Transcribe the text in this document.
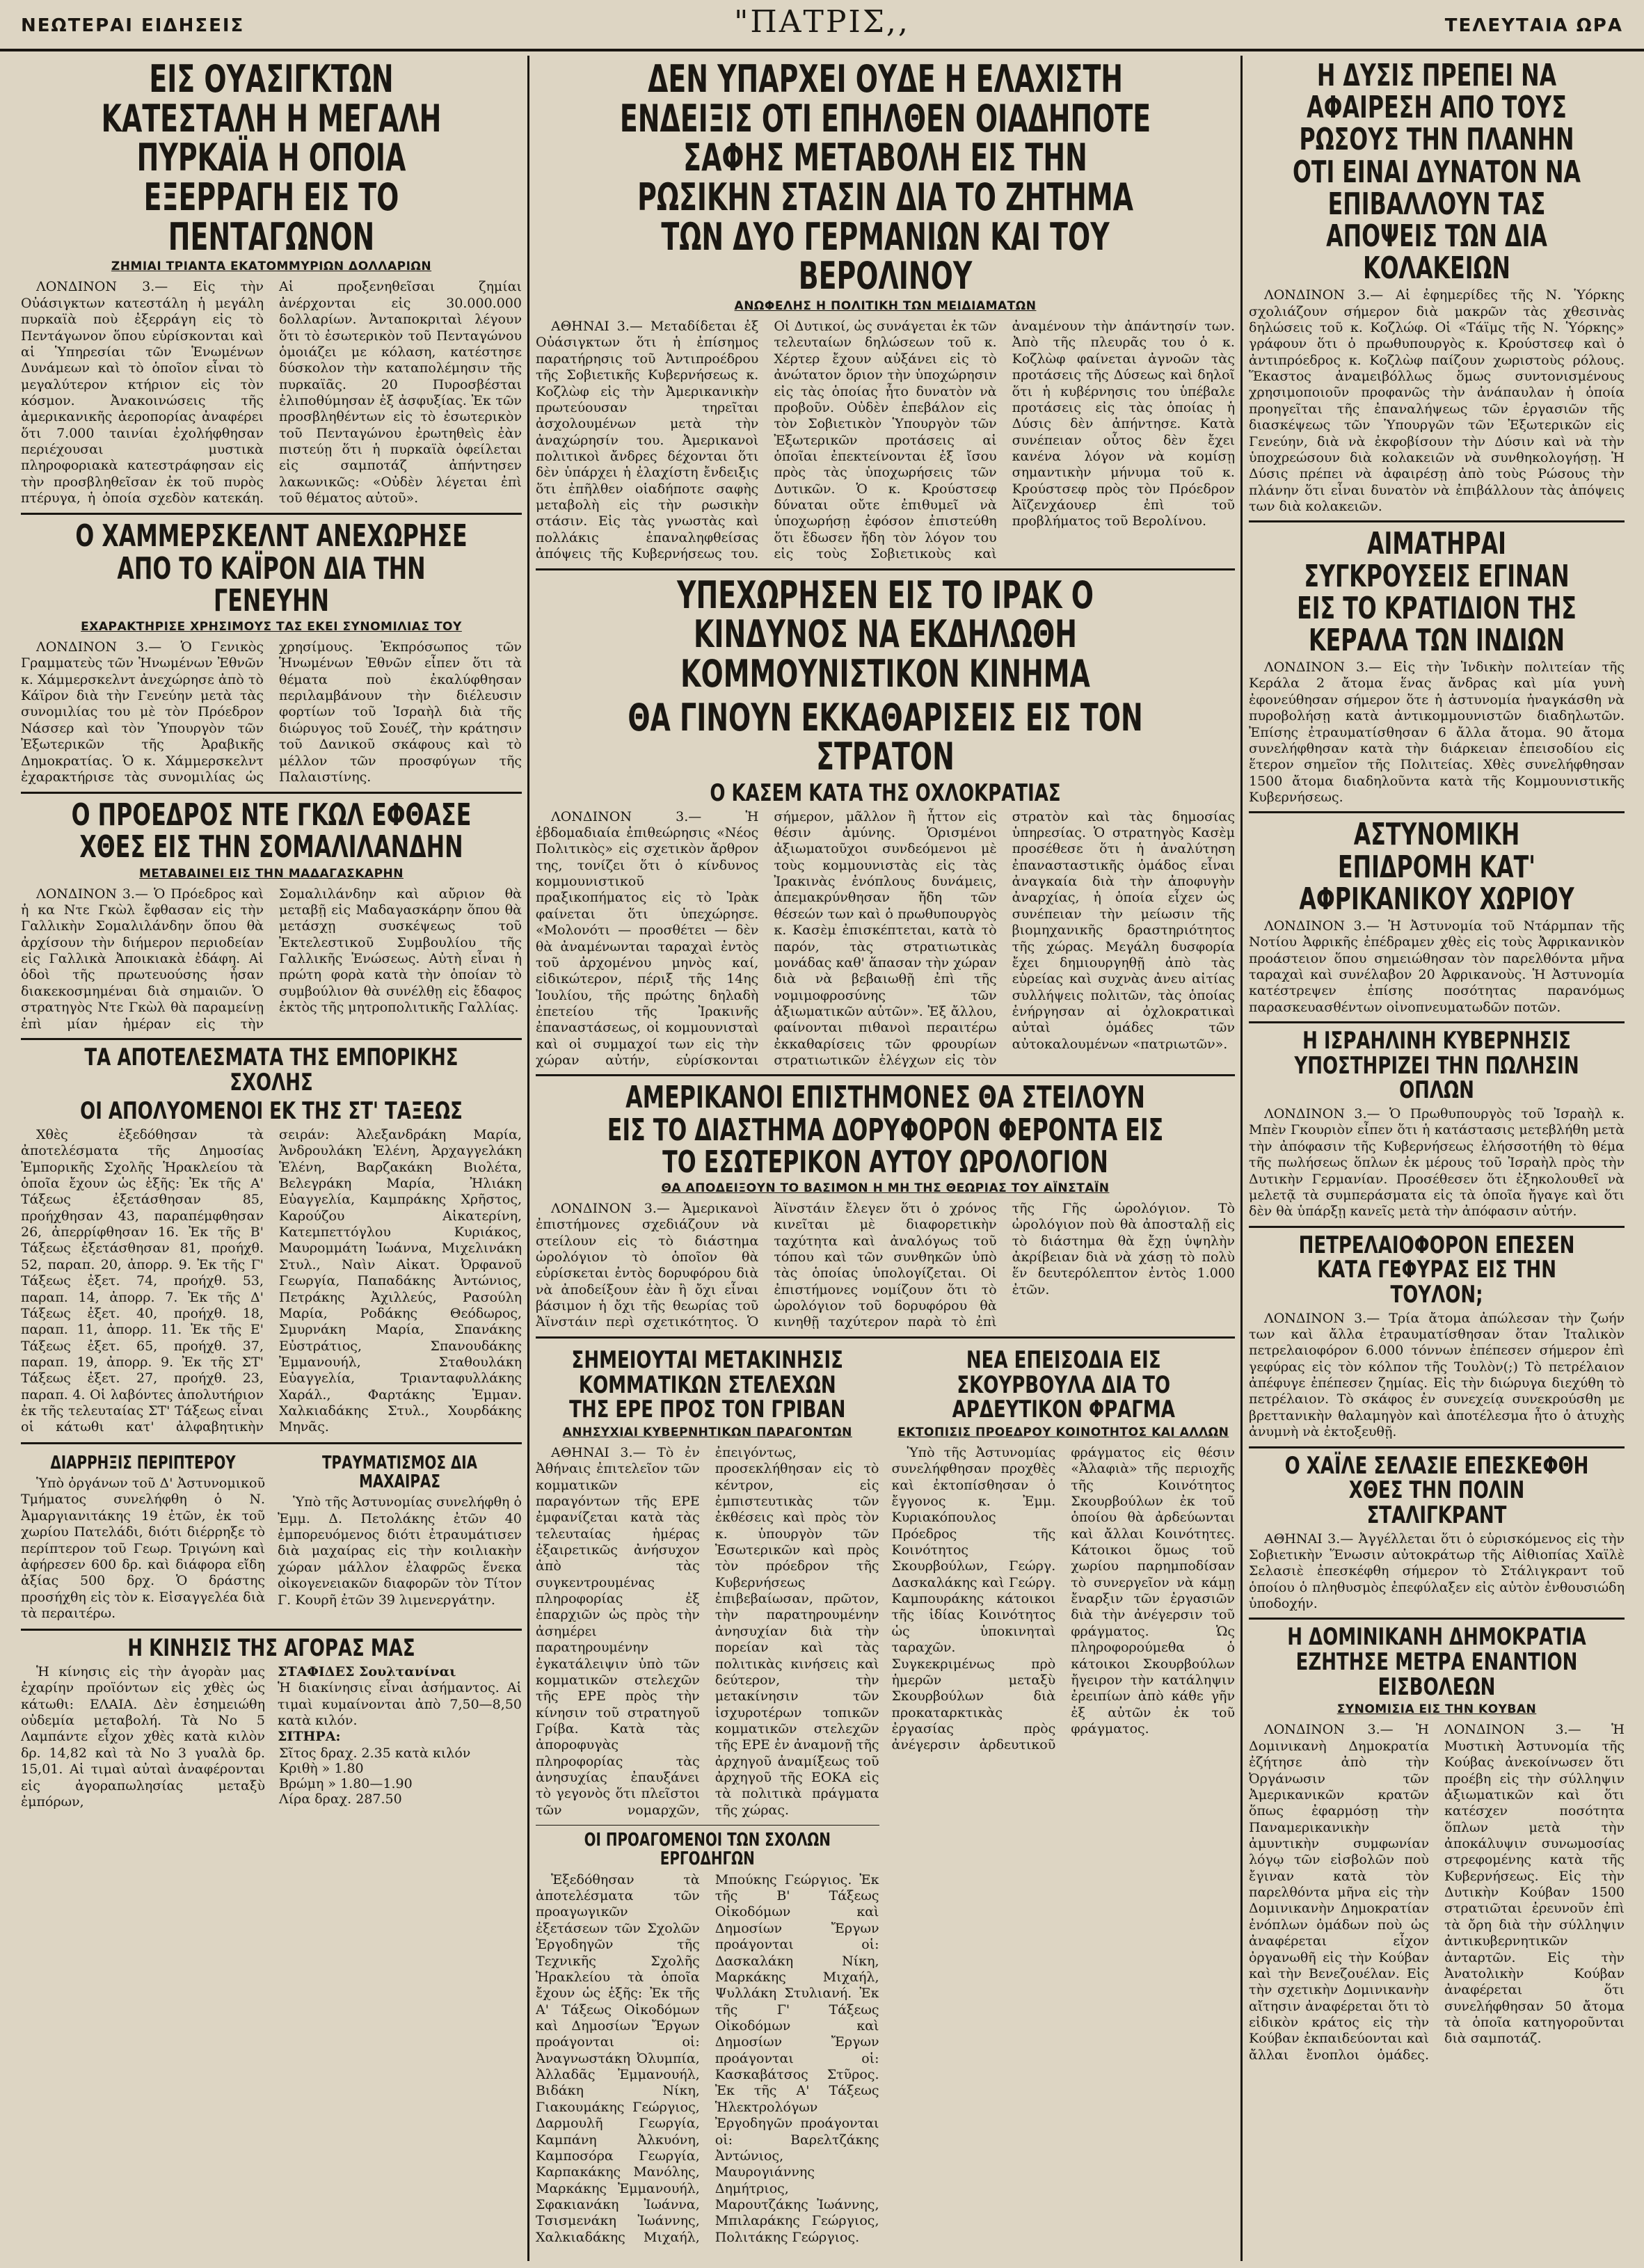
ΝΕΩΤΕΡΑΙ ΕΙΔΗΣΕΙΣ	"ΠΑΤΡΙΣ,,	ΤΕΛΕΥΤΑΙΑ ΩΡΑ
ΕΙΣ ΟΥΑΣΙΓΚΤΩΝ ΚΑΤΕΣΤΑΛΗ Η ΜΕΓΑΛΗ ΠΥΡΚΑΪΑ Η ΟΠΟΙΑ ΕΞΕΡΡΑΓΗ ΕΙΣ ΤΟ ΠΕΝΤΑΓΩΝΟΝ
ΖΗΜΙΑΙ ΤΡΙΑΝΤΑ ΕΚΑΤΟΜΜΥΡΙΩΝ ΔΟΛΛΑΡΙΩΝ

ΛΟΝΔΙΝΟΝ 3.— Εἰς τὴν Οὐάσιγκτων κατεστάλη ἡ μεγάλη πυρκαϊὰ ποὺ ἐξερράγη εἰς τὸ Πεντάγωνον ὅπου εὑρίσκονται καὶ αἱ Ὑπηρεσίαι τῶν Ἑνωμένων Δυνάμεων καὶ τὸ ὁποῖον εἶναι τὸ μεγαλύτερον κτήριον εἰς τὸν κόσμον. Ἀνακοινώσεις τῆς ἀμερικανικῆς ἀεροπορίας ἀναφέρει ὅτι 7.000 ταινίαι ἐχολήφθησαν περιέχουσαι μυστικὰ πληροφοριακὰ κατεστράφησαν εἰς τὴν προσβληθεῖσαν ἐκ τοῦ πυρὸς πτέρυγα, ἡ ὁποία σχεδὸν κατεκάη. Αἱ προξενηθεῖσαι ζημίαι ἀνέρχονται εἰς 30.000.000 δολλαρίων. Ἀνταποκριταὶ λέγουν ὅτι τὸ ἐσωτερικὸν τοῦ Πενταγώνου ὁμοιάζει με κόλαση, κατέστησε δύσκολον τὴν καταπολέμησιν τῆς πυρκαϊᾶς. 20 Πυροσβέσται ἐλιποθύμησαν ἐξ ἀσφυξίας. Ἐκ τῶν προσβληθέντων εἰς τὸ ἐσωτερικὸν τοῦ Πενταγώνου ἐρωτηθεὶς ἐὰν πιστεύῃ ὅτι ἡ πυρκαϊὰ ὀφείλεται εἰς σαμποτάζ ἀπήντησεν λακωνικῶς: «Οὐδὲν λέγεται ἐπὶ τοῦ θέματος αὐτοῦ».

Ο ΧΑΜΜΕΡΣΚΕΛΝΤ ΑΝΕΧΩΡΗΣΕ ΑΠΟ ΤΟ ΚΑΪΡΟΝ ΔΙΑ ΤΗΝ ΓΕΝΕΥΗΝ
ΕΧΑΡΑΚΤΗΡΙΣΕ ΧΡΗΣΙΜΟΥΣ ΤΑΣ ΕΚΕΙ ΣΥΝΟΜΙΛΙΑΣ ΤΟΥ

ΛΟΝΔΙΝΟΝ 3.— Ὁ Γενικὸς Γραμματεὺς τῶν Ἡνωμένων Ἐθνῶν κ. Χάμμερσκελντ ἀνεχώρησε ἀπὸ τὸ Κάϊρον διὰ τὴν Γενεύην μετὰ τὰς συνομιλίας του μὲ τὸν Πρόεδρον Νάσσερ καὶ τὸν Ὑπουργὸν τῶν Ἐξωτερικῶν τῆς Ἀραβικῆς Δημοκρατίας. Ὁ κ. Χάμμερσκελντ ἐχαρακτήρισε τὰς συνομιλίας ὡς χρησίμους. Ἐκπρόσωπος τῶν Ἡνωμένων Ἐθνῶν εἶπεν ὅτι τὰ θέματα ποὺ ἐκαλύφθησαν περιλαμβάνουν τὴν διέλευσιν φορτίων τοῦ Ἰσραὴλ διὰ τῆς διώρυγος τοῦ Σουέζ, τὴν κράτησιν τοῦ Δανικοῦ σκάφους καὶ τὸ μέλλον τῶν προσφύγων τῆς Παλαιστίνης.

Ο ΠΡΟΕΔΡΟΣ ΝΤΕ ΓΚΩΛ ΕΦΘΑΣΕ ΧΘΕΣ ΕΙΣ ΤΗΝ ΣΟΜΑΛΙΛΑΝΔΗΝ
ΜΕΤΑΒΑΙΝΕΙ ΕΙΣ ΤΗΝ ΜΑΔΑΓΑΣΚΑΡΗΝ

ΛΟΝΔΙΝΟΝ 3.— Ὁ Πρόεδρος καὶ ἡ κα Ντε Γκὼλ ἔφθασαν εἰς τὴν Γαλλικὴν Σομαλιλάνδην ὅπου θὰ ἀρχίσουν τὴν διήμερον περιοδείαν εἰς Γαλλικὰ Ἀποικιακὰ ἐδάφη. Αἱ ὁδοὶ τῆς πρωτευούσης ἦσαν διακεκοσμημέναι διὰ σημαιῶν. Ὁ στρατηγὸς Ντε Γκὼλ θὰ παραμείνῃ ἐπὶ μίαν ἡμέραν εἰς τὴν Σομαλιλάνδην καὶ αὔριον θὰ μεταβῇ εἰς Μαδαγασκάρην ὅπου θὰ μετάσχῃ συσκέψεως τοῦ Ἐκτελεστικοῦ Συμβουλίου τῆς Γαλλικῆς Ἑνώσεως. Αὐτὴ εἶναι ἡ πρώτη φορὰ κατὰ τὴν ὁποίαν τὸ συμβούλιον θὰ συνέλθῃ εἰς ἔδαφος ἐκτὸς τῆς μητροπολιτικῆς Γαλλίας.

ΤΑ ΑΠΟΤΕΛΕΣΜΑΤΑ ΤΗΣ ΕΜΠΟΡΙΚΗΣ ΣΧΟΛΗΣ
ΟΙ ΑΠΟΛΥΟΜΕΝΟΙ ΕΚ ΤΗΣ ΣΤ' ΤΑΞΕΩΣ

Χθὲς ἐξεδόθησαν τὰ ἀποτελέσματα τῆς Δημοσίας Ἐμπορικῆς Σχολῆς Ἡρακλείου τὰ ὁποῖα ἔχουν ὡς ἑξῆς: Ἐκ τῆς Α' Τάξεως ἐξετάσθησαν 85, προήχθησαν 43, παραπέμφθησαν 26, ἀπερρίφθησαν 16. Ἐκ τῆς Β' Τάξεως ἐξετάσθησαν 81, προήχθ. 52, παραπ. 20, ἀπορρ. 9. Ἐκ τῆς Γ' Τάξεως ἐξετ. 74, προήχθ. 53, παραπ. 14, ἀπορρ. 7. Ἐκ τῆς Δ' Τάξεως ἐξετ. 40, προήχθ. 18, παραπ. 11, ἀπορρ. 11. Ἐκ τῆς Ε' Τάξεως ἐξετ. 65, προήχθ. 37, παραπ. 19, ἀπορρ. 9. Ἐκ τῆς ΣΤ' Τάξεως ἐξετ. 27, προήχθ. 23, παραπ. 4. Οἱ λαβόντες ἀπολυτήριον ἐκ τῆς τελευταίας ΣΤ' Τάξεως εἶναι οἱ κάτωθι κατ' ἀλφαβητικὴν σειράν: Ἀλεξανδράκη Μαρία, Ἀνδρουλάκη Ἑλένη, Ἀρχαγγελάκη Ἑλένη, Βαρζακάκη Βιολέτα, Βελεγράκη Μαρία, Ἠλιάκη Εὐαγγελία, Καμπράκης Χρῆστος, Καρούζου Αἰκατερίνη, Κατεμπεττόγλου Κυριάκος, Μαυρομμάτη Ἰωάννα, Μιχελινάκη Στυλ., Ναὶν Αἰκατ. Ὀρφανοῦ Γεωργία, Παπαδάκης Ἀντώνιος, Πετράκης Ἀχιλλεύς, Ρασούλη Μαρία, Ροδάκης Θεόδωρος, Σμυρνάκη Μαρία, Σπανάκης Εὐστράτιος, Σπανουδάκης Ἐμμανουήλ, Σταθουλάκη Εὐαγγελία, Τριανταφυλλάκης Χαράλ., Φαρτάκης Ἐμμαν. Χαλκιαδάκης Στυλ., Χουρδάκης Μηνᾶς.

ΔΙΑΡΡΗΞΙΣ ΠΕΡΙΠΤΕΡΟΥ

Ὑπὸ ὀργάνων τοῦ Δ' Ἀστυνομικοῦ Τμήματος συνελήφθη ὁ Ν. Ἀμαργιανιτάκης 19 ἐτῶν, ἐκ τοῦ χωρίου Πατελάδι, διότι διέρρηξε τὸ περίπτερον τοῦ Γεωρ. Τριγώνη καὶ ἀφήρεσεν 600 δρ. καὶ διάφορα εἴδη ἀξίας 500 δρχ. Ὁ δράστης προσήχθη εἰς τὸν κ. Εἰσαγγελέα διὰ τὰ περαιτέρω.

ΤΡΑΥΜΑΤΙΣΜΟΣ ΔΙΑ ΜΑΧΑΙΡΑΣ

Ὑπὸ τῆς Ἀστυνομίας συνελήφθη ὁ Ἐμμ. Δ. Πετολάκης ἐτῶν 40 ἐμπορευόμενος διότι ἐτραυμάτισεν διὰ μαχαίρας εἰς τὴν κοιλιακὴν χώραν μάλλον ἐλαφρῶς ἕνεκα οἰκογενειακῶν διαφορῶν τὸν Τίτον Γ. Κουρῆ ἐτῶν 39 λιμενεργάτην.

Η ΚΙΝΗΣΙΣ ΤΗΣ ΑΓΟΡΑΣ ΜΑΣ

Ἡ κίνησις εἰς τὴν ἀγορὰν μας ἐχαρίην προϊόντων εἰς χθὲς ὡς κάτωθι: ΕΛΑΙΑ. Δὲν ἐσημειώθη οὐδεμία μεταβολή. Τὰ Νο 5 Λαμπάντε εἶχον χθὲς κατὰ κιλὸν δρ. 14,82 καὶ τὰ Νο 3 γυαλὰ δρ. 15,01. Αἱ τιμαὶ αὐταὶ ἀναφέρονται εἰς ἀγοραπωλησίας μεταξὺ ἐμπόρων,

ΣΤΑΦΙΔΕΣ Σουλτανίναι
Ἡ διακίνησις εἶναι ἀσήμαντος. Αἱ τιμαὶ κυμαίνονται ἀπὸ 7,50—8,50 κατὰ κιλόν.
ΣΙΤΗΡΑ:
Σῖτος δραχ. 2.35 κατὰ κιλόν
Κριθὴ » 1.80
Βρώμη » 1.80—1.90
Λίρα δραχ. 287.50
ΔΕΝ ΥΠΑΡΧΕΙ ΟΥΔΕ Η ΕΛΑΧΙΣΤΗ ΕΝΔΕΙΞΙΣ ΟΤΙ ΕΠΗΛΘΕΝ ΟΙΑΔΗΠΟΤΕ ΣΑΦΗΣ ΜΕΤΑΒΟΛΗ ΕΙΣ ΤΗΝ ΡΩΣΙΚΗΝ ΣΤΑΣΙΝ ΔΙΑ ΤΟ ΖΗΤΗΜΑ ΤΩΝ ΔΥΟ ΓΕΡΜΑΝΙΩΝ ΚΑΙ ΤΟΥ ΒΕΡΟΛΙΝΟΥ
ΑΝΩΦΕΛΗΣ Η ΠΟΛΙΤΙΚΗ ΤΩΝ ΜΕΙΔΙΑΜΑΤΩΝ

ΑΘΗΝΑΙ 3.— Μεταδίδεται ἐξ Οὐάσιγκτων ὅτι ἡ ἐπίσημος παρατήρησις τοῦ Ἀντιπροέδρου τῆς Σοβιετικῆς Κυβερνήσεως κ. Κοζλὼφ εἰς τὴν Ἀμερικανικὴν πρωτεύουσαν τηρεῖται ἀσχολουμένων μετὰ τὴν ἀναχώρησίν του. Ἀμερικανοὶ πολιτικοὶ ἄνδρες δέχονται ὅτι δὲν ὑπάρχει ἡ ἐλαχίστη ἔνδειξις ὅτι ἐπῆλθεν οἱαδήποτε σαφὴς μεταβολὴ εἰς τὴν ρωσικὴν στάσιν. Εἰς τὰς γνωστὰς καὶ πολλάκις ἐπαναληφθείσας ἀπόψεις τῆς Κυβερνήσεως του. Οἱ Δυτικοί, ὡς συνάγεται ἐκ τῶν τελευταίων δηλώσεων τοῦ κ. Χέρτερ ἔχουν αὐξάνει εἰς τὸ ἀνώτατον ὅριον τὴν ὑποχώρησιν εἰς τὰς ὁποίας ἦτο δυνατὸν νὰ προβοῦν. Οὐδὲν ἐπεβάλον εἰς τὸν Σοβιετικὸν Ὑπουργὸν τῶν Ἐξωτερικῶν προτάσεις αἱ ὁποῖαι ἐπεκτείνονται ἐξ ἴσου πρὸς τὰς ὑποχωρήσεις τῶν Δυτικῶν. Ὁ κ. Κρούστσεφ δύναται οὔτε ἐπιθυμεῖ νὰ ὑποχωρήσῃ ἐφόσον ἐπιστεύθη ὅτι ἔδωσεν ἤδη τὸν λόγον του εἰς τοὺς Σοβιετικοὺς καὶ ἀναμένουν τὴν ἀπάντησίν των. Ἀπὸ τῆς πλευρᾶς του ὁ κ. Κοζλὼφ φαίνεται ἀγνοῶν τὰς προτάσεις τῆς Δύσεως καὶ δηλοῖ ὅτι ἡ κυβέρνησις του ὑπέβαλε προτάσεις εἰς τὰς ὁποίας ἡ Δύσις δὲν ἀπήντησε. Κατὰ συνέπειαν οὗτος δὲν ἔχει κανένα λόγον νὰ κομίσῃ σημαντικὴν μήνυμα τοῦ κ. Κρούστσεφ πρὸς τὸν Πρόεδρον Ἀϊζενχάουερ ἐπὶ τοῦ προβλήματος τοῦ Βερολίνου.

ΥΠΕΧΩΡΗΣΕΝ ΕΙΣ ΤΟ ΙΡΑΚ Ο ΚΙΝΔΥΝΟΣ ΝΑ ΕΚΔΗΛΩΘΗ ΚΟΜΜΟΥΝΙΣΤΙΚΟΝ ΚΙΝΗΜΑ
ΘΑ ΓΙΝΟΥΝ ΕΚΚΑΘΑΡΙΣΕΙΣ ΕΙΣ ΤΟΝ ΣΤΡΑΤΟΝ
Ο ΚΑΣΕΜ ΚΑΤΑ ΤΗΣ ΟΧΛΟΚΡΑΤΙΑΣ

ΛΟΝΔΙΝΟΝ 3.— Ἡ ἑβδομαδιαία ἐπιθεώρησις «Νέος Πολιτικὸς» εἰς σχετικὸν ἄρθρον της, τονίζει ὅτι ὁ κίνδυνος κομμουνιστικοῦ πραξικοπήματος εἰς τὸ Ἰρὰκ φαίνεται ὅτι ὑπεχώρησε. «Μολονότι — προσθέτει — δὲν θὰ ἀναμένωνται ταραχαὶ ἐντὸς τοῦ ἀρχομένου μηνὸς καί, εἰδικώτερον, πέριξ τῆς 14ης Ἰουλίου, τῆς πρώτης δηλαδὴ ἐπετείου τῆς Ἰρακινῆς ἐπαναστάσεως, οἱ κομμουνισταὶ καὶ οἱ συμμαχοί των εἰς τὴν χώραν αὐτήν, εὑρίσκονται σήμερον, μᾶλλον ἢ ἧττον εἰς θέσιν ἀμύνης. Ὁρισμένοι ἀξιωματοῦχοι συνδεόμενοι μὲ τοὺς κομμουνιστὰς εἰς τὰς Ἰρακινὰς ἐνόπλους δυνάμεις, ἀπεμακρύνθησαν ἤδη τῶν θέσεών των καὶ ὁ πρωθυπουργὸς κ. Κασὲμ ἐπισκέπτεται, κατὰ τὸ παρόν, τὰς στρατιωτικὰς μονάδας καθ' ἅπασαν τὴν χώραν διὰ νὰ βεβαιωθῇ ἐπὶ τῆς νομιμοφροσύνης τῶν ἀξιωματικῶν αὐτῶν». Ἐξ ἄλλου, φαίνονται πιθανοὶ περαιτέρω ἐκκαθαρίσεις τῶν φρουρίων στρατιωτικῶν ἐλέγχων εἰς τὸν στρατὸν καὶ τὰς δημοσίας ὑπηρεσίας. Ὁ στρατηγὸς Κασὲμ προσέθεσε ὅτι ἡ ἀναλύτηση ἐπανασταστικῆς ὁμάδος εἶναι ἀναγκαία διὰ τὴν ἀποφυγὴν ἀναρχίας, ἡ ὁποία εἶχεν ὡς συνέπειαν τὴν μείωσιν τῆς βιομηχανικῆς δραστηριότητος τῆς χώρας. Μεγάλη δυσφορία ἔχει δημιουργηθῇ ἀπὸ τὰς εὐρείας καὶ συχνὰς ἀνευ αἰτίας συλλήψεις πολιτῶν, τὰς ὁποίας ἐνήργησαν αἱ ὀχλοκρατικαὶ αὐταὶ ὁμάδες τῶν αὐτοκαλουμένων «πατριωτῶν».

ΑΜΕΡΙΚΑΝΟΙ ΕΠΙΣΤΗΜΟΝΕΣ ΘΑ ΣΤΕΙΛΟΥΝ ΕΙΣ ΤΟ ΔΙΑΣΤΗΜΑ ΔΟΡΥΦΟΡΟΝ ΦΕΡΟΝΤΑ ΕΙΣ ΤΟ ΕΣΩΤΕΡΙΚΟΝ ΑΥΤΟΥ ΩΡΟΛΟΓΙΟΝ
ΘΑ ΑΠΟΔΕΙΞΟΥΝ ΤΟ ΒΑΣΙΜΟΝ Η ΜΗ ΤΗΣ ΘΕΩΡΙΑΣ ΤΟΥ ΑΪΝΣΤΑΪΝ

ΛΟΝΔΙΝΟΝ 3.— Ἀμερικανοὶ ἐπιστήμονες σχεδιάζουν νὰ στείλουν εἰς τὸ διάστημα ὡρολόγιον τὸ ὁποῖον θὰ εὑρίσκεται ἐντὸς δορυφόρου διὰ νὰ ἀποδείξουν ἐὰν ἢ ὄχι εἶναι βάσιμον ἡ ὄχι τῆς θεωρίας τοῦ Ἀϊνστάιν περὶ σχετικότητος. Ὁ Ἀϊνστάιν ἔλεγεν ὅτι ὁ χρόνος κινεῖται μὲ διαφορετικὴν ταχύτητα καὶ ἀναλόγως τοῦ τόπου καὶ τῶν συνθηκῶν ὑπὸ τὰς ὁποίας ὑπολογίζεται. Οἱ ἐπιστήμονες νομίζουν ὅτι τὸ ὡρολόγιον τοῦ δορυφόρου θὰ κινηθῇ ταχύτερον παρὰ τὸ ἐπὶ τῆς Γῆς ὡρολόγιον. Τὸ ὡρολόγιον ποὺ θὰ ἀποσταλῇ εἰς τὸ διάστημα θὰ ἔχῃ ὑψηλὴν ἀκρίβειαν διὰ νὰ χάσῃ τὸ πολὺ ἕν δευτερόλεπτον ἐντὸς 1.000 ἐτῶν.

ΣΗΜΕΙΟΥΤΑΙ ΜΕΤΑΚΙΝΗΣΙΣ ΚΟΜΜΑΤΙΚΩΝ ΣΤΕΛΕΧΩΝ ΤΗΣ ΕΡΕ ΠΡΟΣ ΤΟΝ ΓΡΙΒΑΝ
ΑΝΗΣΥΧΙΑΙ ΚΥΒΕΡΝΗΤΙΚΩΝ ΠΑΡΑΓΟΝΤΩΝ

ΑΘΗΝΑΙ 3.— Τὸ ἐν Ἀθήναις ἐπιτελεῖον τῶν κομματικῶν παραγόντων τῆς ΕΡΕ ἐμφανίζεται κατὰ τὰς τελευταίας ἡμέρας ἐξαιρετικῶς ἀνήσυχον ἀπὸ τὰς συγκεντρουμένας πληροφορίας ἐξ ἐπαρχιῶν ὡς πρὸς τὴν ἀσημέρει παρατηρουμένην ἐγκατάλειψιν ὑπὸ τῶν κομματικῶν στελεχῶν τῆς ΕΡΕ πρὸς τὴν κίνησιν τοῦ στρατηγοῦ Γρίβα. Κατὰ τὰς ἀποροφυγὰς πληροφορίας τὰς ἀνησυχίας ἐπαυξάνει τὸ γεγονὸς ὅτι πλεῖστοι τῶν νομαρχῶν, ἐπειγόντως, προσεκλήθησαν εἰς τὸ κέντρον, εἰς ἐμπιστευτικὰς τῶν ἐκθέσεις καὶ πρὸς τὸν κ. ὑπουργὸν τῶν Ἐσωτερικῶν καὶ πρὸς τὸν πρόεδρον τῆς Κυβερνήσεως ἐπιβεβαίωσαν, πρῶτον, τὴν παρατηρουμένην ἀνησυχίαν διὰ τὴν πορείαν καὶ τὰς πολιτικὰς κινήσεις καὶ δεύτερον, τὴν μετακίνησιν τῶν ἰσχυροτέρων τοπικῶν κομματικῶν στελεχῶν τῆς ΕΡΕ ἐν ἀναμονῇ τῆς ἀρχηγοῦ ἀναμίξεως τοῦ ἀρχηγοῦ τῆς ΕΟΚΑ εἰς τὰ πολιτικὰ πράγματα τῆς χώρας.

ΟΙ ΠΡΟΑΓΟΜΕΝΟΙ ΤΩΝ ΣΧΟΛΩΝ ΕΡΓΟΔΗΓΩΝ

Ἐξεδόθησαν τὰ ἀποτελέσματα τῶν προαγωγικῶν ἐξετάσεων τῶν Σχολῶν Ἐργοδηγῶν τῆς Τεχνικῆς Σχολῆς Ἡρακλείου τὰ ὁποῖα ἔχουν ὡς ἑξῆς: Ἐκ τῆς Α' Τάξεως Οἰκοδόμων καὶ Δημοσίων Ἔργων προάγονται οἱ: Ἀναγνωστάκη Ὀλυμπία, Ἀλλαδᾶς Ἐμμανουήλ, Βιδάκη Νίκη, Γιακουμάκης Γεώργιος, Δαρμουλῆ Γεωργία, Καμπάνη Ἀλκυόνη, Καμποσόρα Γεωργία, Καρπακάκης Μανόλης, Μαρκάκης Ἐμμανουήλ, Σφακιανάκη Ἰωάννα, Τσισμενάκη Ἰωάννης, Χαλκιαδάκης Μιχαήλ, Μπούκης Γεώργιος. Ἐκ τῆς Β' Τάξεως Οἰκοδόμων καὶ Δημοσίων Ἔργων προάγονται οἱ: Δασκαλάκη Νίκη, Μαρκάκης Μιχαήλ, Ψυλλάκη Στυλιανή. Ἐκ τῆς Γ' Τάξεως Οἰκοδόμων καὶ Δημοσίων Ἔργων προάγονται οἱ: Κασκαβάτσος Στῦρος. Ἐκ τῆς Α' Τάξεως Ἡλεκτρολόγων Ἐργοδηγῶν προάγονται οἱ: Βαρελτζάκης Ἀντώνιος, Μαυρογιάννης Δημήτριος, Μαρουτζάκης Ἰωάννης, Μπιλαράκης Γεώργιος, Πολιτάκης Γεώργιος.

ΝΕΑ ΕΠΕΙΣΟΔΙΑ ΕΙΣ ΣΚΟΥΡΒΟΥΛΑ ΔΙΑ ΤΟ ΑΡΔΕΥΤΙΚΟΝ ΦΡΑΓΜΑ
ΕΚΤΟΠΙΣΙΣ ΠΡΟΕΔΡΟΥ ΚΟΙΝΟΤΗΤΟΣ ΚΑΙ ΑΛΛΩΝ

Ὑπὸ τῆς Ἀστυνομίας συνελήφθησαν προχθὲς καὶ ἐκτοπίσθησαν ὁ ἔγγονος κ. Ἐμμ. Κυριακόπουλος Πρόεδρος τῆς Κοινότητος Σκουρβούλων, Γεώργ. Δασκαλάκης καὶ Γεώργ. Καμπουράκης κάτοικοι τῆς ἰδίας Κοινότητος ὡς ὑποκινηταὶ ταραχῶν. Συγκεκριμένως πρὸ ἡμερῶν μεταξὺ Σκουρβούλων διὰ προκαταρκτικὰς ἐργασίας πρὸς ἀνέγερσιν ἀρδευτικοῦ φράγματος εἰς θέσιν «Ἀλαφιὰ» τῆς περιοχῆς τῆς Κοινότητος Σκουρβούλων ἐκ τοῦ ὁποίου θὰ ἀρδεύωνται καὶ ἄλλαι Κοινότητες. Κάτοικοι ὅμως τοῦ χωρίου παρημποδίσαν τὸ συνεργεῖον νὰ κάμῃ ἔναρξιν τῶν ἐργασιῶν διὰ τὴν ἀνέγερσιν τοῦ φράγματος. Ὡς πληροφορούμεθα ὁ κάτοικοι Σκουρβούλων ἤγειρον τὴν κατάληψιν ἐρειπίων ἀπὸ κάθε γῆν ἐξ αὐτῶν ἐκ τοῦ φράγματος.

Η ΔΥΣΙΣ ΠΡΕΠΕΙ ΝΑ ΑΦΑΙΡΕΣΗ ΑΠΟ ΤΟΥΣ ΡΩΣΟΥΣ ΤΗΝ ΠΛΑΝΗΝ ΟΤΙ ΕΙΝΑΙ ΔΥΝΑΤΟΝ ΝΑ ΕΠΙΒΑΛΛΟΥΝ ΤΑΣ ΑΠΟΨΕΙΣ ΤΩΝ ΔΙΑ ΚΟΛΑΚΕΙΩΝ

ΛΟΝΔΙΝΟΝ 3.— Αἱ ἐφημερίδες τῆς Ν. Ὑόρκης σχολιάζουν σήμερον διὰ μακρῶν τὰς χθεσινὰς δηλώσεις τοῦ κ. Κοζλώφ. Οἱ «Τάϊμς τῆς Ν. Ὑόρκης» γράφουν ὅτι ὁ πρωθυπουργὸς κ. Κρούστσεφ καὶ ὁ ἀντιπρόεδρος κ. Κοζλὼφ παίζουν χωριστοὺς ρόλους. Ἕκαστος ἀναμειβόλλως ὅμως συντονισμένους χρησιμοποιοῦν προφανῶς τὴν ἀνάπαυλαν ἡ ὁποία προηγεῖται τῆς ἐπαναλήψεως τῶν ἐργασιῶν τῆς διασκέψεως τῶν Ὑπουργῶν τῶν Ἐξωτερικῶν εἰς Γενεύην, διὰ νὰ ἐκφοβίσουν τὴν Δύσιν καὶ νὰ τὴν ὑποχρεώσουν διὰ κολακειῶν νὰ συνθηκολογήσῃ. Ἡ Δύσις πρέπει νὰ ἀφαιρέσῃ ἀπὸ τοὺς Ρώσους τὴν πλάνην ὅτι εἶναι δυνατὸν νὰ ἐπιβάλλουν τὰς ἀπόψεις των διὰ κολακειῶν.

ΑΙΜΑΤΗΡΑΙ ΣΥΓΚΡΟΥΣΕΙΣ ΕΓΙΝΑΝ ΕΙΣ ΤΟ ΚΡΑΤΙΔΙΟΝ ΤΗΣ ΚΕΡΑΛΑ ΤΩΝ ΙΝΔΙΩΝ

ΛΟΝΔΙΝΟΝ 3.— Εἰς τὴν Ἰνδικὴν πολιτείαν τῆς Κεράλα 2 ἄτομα ἕνας ἄνδρας καὶ μία γυνὴ ἐφονεύθησαν σήμερον ὅτε ἡ ἀστυνομία ἠναγκάσθη νὰ πυροβολήσῃ κατὰ ἀντικομμουνιστῶν διαδηλωτῶν. Ἐπίσης ἐτραυματίσθησαν 6 ἄλλα ἄτομα. 90 ἄτομα συνελήφθησαν κατὰ τὴν διάρκειαν ἐπεισοδίου εἰς ἕτερον σημεῖον τῆς Πολιτείας. Χθὲς συνελήφθησαν 1500 ἄτομα διαδηλοῦντα κατὰ τῆς Κομμουνιστικῆς Κυβερνήσεως.

ΑΣΤΥΝΟΜΙΚΗ ΕΠΙΔΡΟΜΗ ΚΑΤ' ΑΦΡΙΚΑΝΙΚΟΥ ΧΩΡΙΟΥ

ΛΟΝΔΙΝΟΝ 3.— Ἡ Ἀστυνομία τοῦ Ντάρμπαν τῆς Νοτίου Ἀφρικῆς ἐπέδραμεν χθὲς εἰς τοὺς Ἀφρικανικὸν προάστειον ὅπου σημειώθησαν τὸν παρελθόντα μῆνα ταραχαὶ καὶ συνέλαβον 20 Ἀφρικανοὺς. Ἡ Ἀστυνομία κατέστρεψεν ἐπίσης ποσότητας παρανόμως παρασκευασθέντων οἰνοπνευματωδῶν ποτῶν.

Η ΙΣΡΑΗΛΙΝΗ ΚΥΒΕΡΝΗΣΙΣ ΥΠΟΣΤΗΡΙΖΕΙ ΤΗΝ ΠΩΛΗΣΙΝ ΟΠΛΩΝ

ΛΟΝΔΙΝΟΝ 3.— Ὁ Πρωθυπουργὸς τοῦ Ἰσραὴλ κ. Μπὲν Γκουριὸν εἶπεν ὅτι ἡ κατάστασις μετεβλήθη μετὰ τὴν ἀπόφασιν τῆς Κυβερνήσεως ἐλήσσοτήθη τὸ θέμα τῆς πωλήσεως ὅπλων ἐκ μέρους τοῦ Ἰσραὴλ πρὸς τὴν Δυτικὴν Γερμανίαν. Προσέθεσεν ὅτι ἐξηκολουθεῖ νὰ μελετᾷ τὰ συμπεράσματα εἰς τὰ ὁποῖα ἤγαγε καὶ ὅτι δὲν θὰ ὑπάρξῃ κανεῖς μετὰ τὴν ἀπόφασιν αὐτήν.

ΠΕΤΡΕΛΑΙΟΦΟΡΟΝ ΕΠΕΣΕΝ ΚΑΤΑ ΓΕΦΥΡΑΣ ΕΙΣ ΤΗΝ ΤΟΥΛΟΝ;

ΛΟΝΔΙΝΟΝ 3.— Τρία ἄτομα ἀπώλεσαν τὴν ζωήν των καὶ ἄλλα ἐτραυματίσθησαν ὅταν Ἰταλικὸν πετρελαιοφόρον 6.000 τόννων ἐπέπεσεν σήμερον ἐπὶ γεφύρας εἰς τὸν κόλπον τῆς Τουλὸν(;) Τὸ πετρέλαιον ἀπέφυγε ἐπέπεσεν ζημίας. Εἰς τὴν διώρυγα διεχύθη τὸ πετρέλαιον. Τὸ σκάφος ἐν συνεχείᾳ συνεκρούσθη με βρεττανικὴν θαλαμηγὸν καὶ ἀποτέλεσμα ἦτο ὁ ἀτυχὴς ἀνυμνὴ νὰ ἐκτοξευθῇ.

Ο ΧΑΪΛΕ ΣΕΛΑΣΙΕ ΕΠΕΣΚΕΦΘΗ ΧΘΕΣ ΤΗΝ ΠΟΛΙΝ ΣΤΑΛΙΓΚΡΑΝΤ

ΑΘΗΝΑΙ 3.— Ἀγγέλλεται ὅτι ὁ εὑρισκόμενος εἰς τὴν Σοβιετικὴν Ἕνωσιν αὐτοκράτωρ τῆς Αἰθιοπίας Χαϊλὲ Σελασιὲ ἐπεσκέφθη σήμερον τὸ Στάλιγκραντ τοῦ ὁποίου ὁ πληθυσμὸς ἐπεφύλαξεν εἰς αὐτὸν ἐνθουσιώδη ὑποδοχήν.

Η ΔΟΜΙΝΙΚΑΝΗ ΔΗΜΟΚΡΑΤΙΑ ΕΖΗΤΗΣΕ ΜΕΤΡΑ ΕΝΑΝΤΙΟΝ ΕΙΣΒΟΛΕΩΝ
ΣΥΝΟΜΙΣΙΑ ΕΙΣ ΤΗΝ ΚΟΥΒΑΝ

ΛΟΝΔΙΝΟΝ 3.— Ἡ Δομινικανὴ Δημοκρατία ἐζήτησε ἀπὸ τὴν Ὀργάνωσιν τῶν Ἀμερικανικῶν κρατῶν ὅπως ἐφαρμόσῃ τὴν Παναμερικανικὴν ἀμυντικὴν συμφωνίαν λόγῳ τῶν εἰσβολῶν ποὺ ἔγιναν κατὰ τὸν παρελθόντα μῆνα εἰς τὴν Δομινικανὴν Δημοκρατίαν ἐνόπλων ὁμάδων ποὺ ὡς ἀναφέρεται εἶχον ὀργανωθῆ εἰς τὴν Κούβαν καὶ τὴν Βενεζουέλαν. Εἰς τὴν σχετικὴν Δομινικανὴν αἴτησιν ἀναφέρεται ὅτι τὸ εἰδικὸν κράτος εἰς τὴν Κούβαν ἐκπαιδεύονται καὶ ἄλλαι ἔνοπλοι ὁμάδες. ΛΟΝΔΙΝΟΝ 3.— Ἡ Μυστικὴ Ἀστυνομία τῆς Κούβας ἀνεκοίνωσεν ὅτι προέβη εἰς τὴν σύλληψιν ἀξιωματικῶν καὶ ὅτι κατέσχεν ποσότητα ὅπλων μετὰ τὴν ἀποκάλυψιν συνωμοσίας στρεφομένης κατὰ τῆς Κυβερνήσεως. Εἰς τὴν Δυτικὴν Κούβαν 1500 στρατιῶται ἐρευνοῦν ἐπὶ τὰ ὄρη διὰ τὴν σύλληψιν ἀντικυβερνητικῶν ἀνταρτῶν. Εἰς τὴν Ἀνατολικὴν Κούβαν ἀναφέρεται ὅτι συνελήφθησαν 50 ἄτομα τὰ ὁποῖα κατηγοροῦνται διὰ σαμποτάζ.
